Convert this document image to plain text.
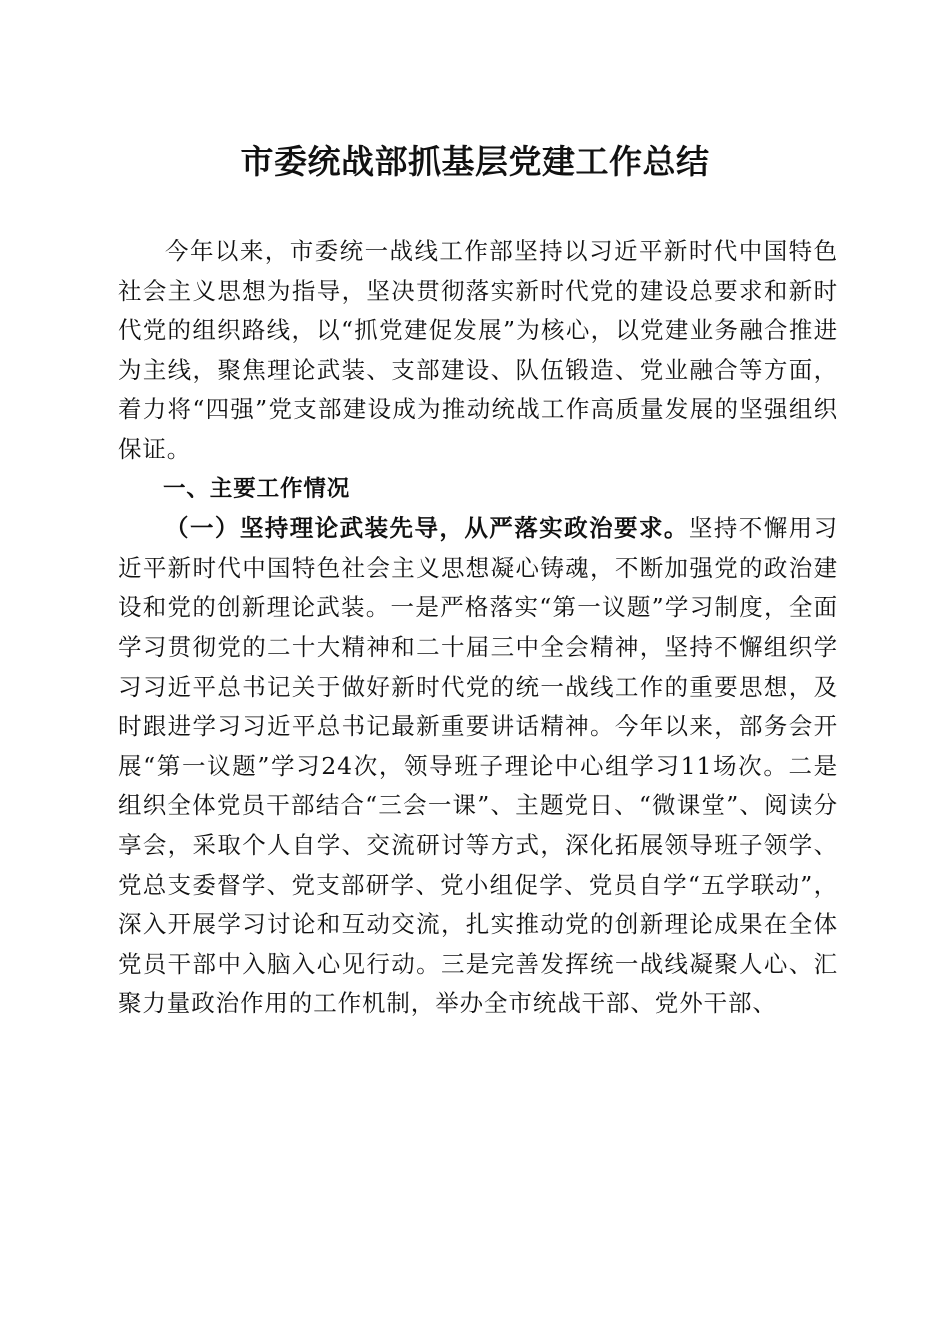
市委统战部抓基层党建工作总结

今年以来，市委统一战线工作部坚持以习近平新时代中国特色社会主义思想为指导，坚决贯彻落实新时代党的建设总要求和新时代党的组织路线，以“抓党建促发展”为核心，以党建业务融合推进为主线，聚焦理论武装、支部建设、队伍锻造、党业融合等方面，着力将“四强”党支部建设成为推动统战工作高质量发展的坚强组织保证。

一、主要工作情况

（一）坚持理论武装先导，从严落实政治要求。坚持不懈用习近平新时代中国特色社会主义思想凝心铸魂，不断加强党的政治建设和党的创新理论武装。一是严格落实“第一议题”学习制度，全面学习贯彻党的二十大精神和二十届三中全会精神，坚持不懈组织学习习近平总书记关于做好新时代党的统一战线工作的重要思想，及时跟进学习习近平总书记最新重要讲话精神。今年以来，部务会开展“第一议题”学习24次，领导班子理论中心组学习11场次。二是组织全体党员干部结合“三会一课”、主题党日、“微课堂”、阅读分享会，采取个人自学、交流研讨等方式，深化拓展领导班子领学、党总支委督学、党支部研学、党小组促学、党员自学“五学联动”，深入开展学习讨论和互动交流，扎实推动党的创新理论成果在全体党员干部中入脑入心见行动。三是完善发挥统一战线凝聚人心、汇聚力量政治作用的工作机制，举办全市统战干部、党外干部、
